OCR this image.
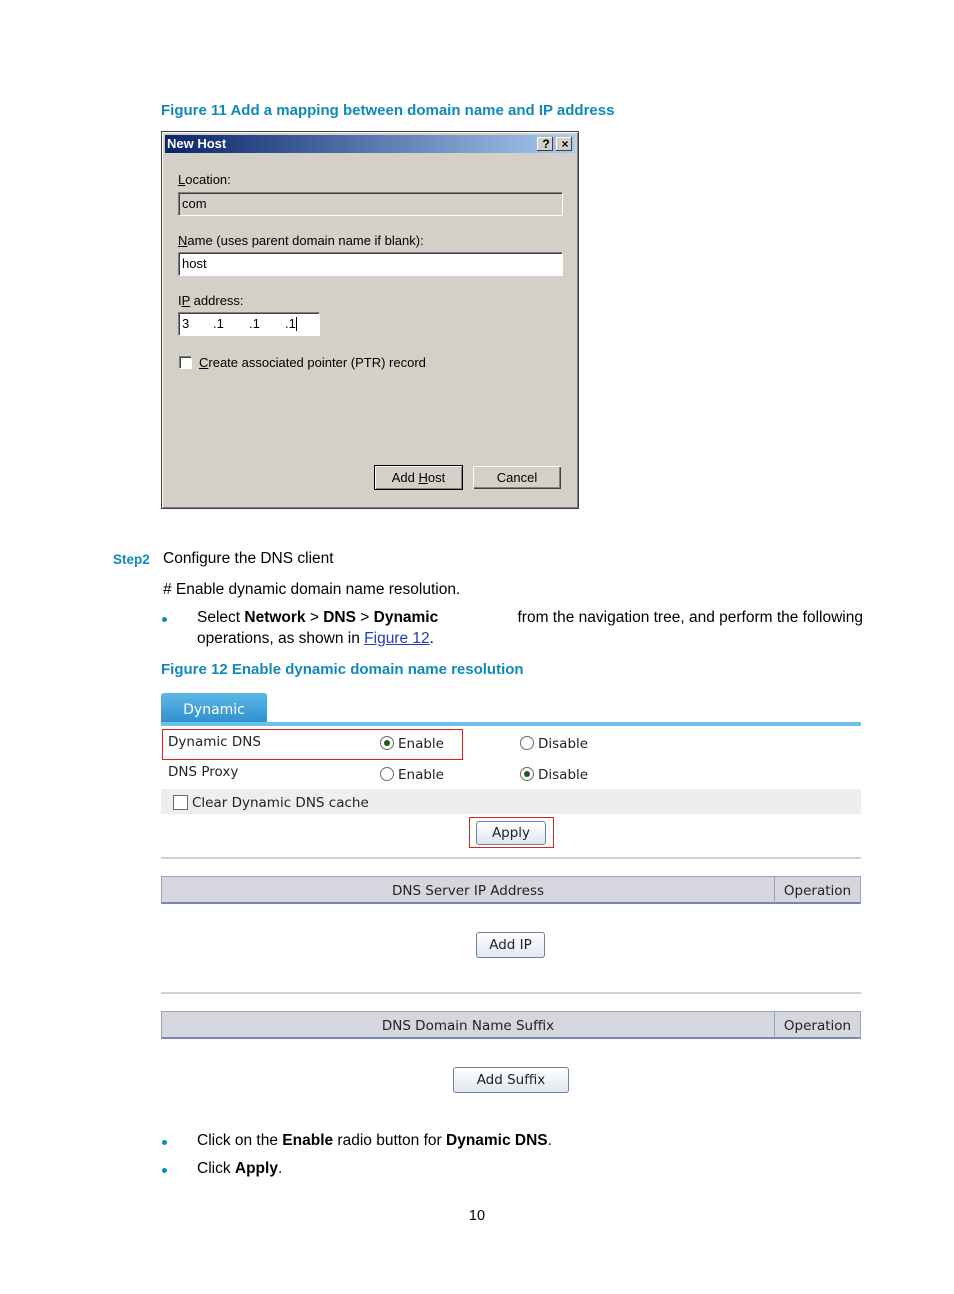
Figure 11 Add a mapping between domain name and IP address
New Host	? ×
Location:
com
Name (uses parent domain name if blank):
host
IP address:
3 .1 .1 .1
Create associated pointer (PTR) record
Add Host	Cancel
Step2 Configure the DNS client
# Enable dynamic domain name resolution.
Select Network > DNS > Dynamic	from the navigation tree, and perform the following
operations, as shown in Figure 12.
Figure 12 Enable dynamic domain name resolution
Dynamic
Dynamic DNS	Enable	Disable
DNS Proxy	Enable	Disable
Clear Dynamic DNS cache
Apply
DNS Server IP Address	Operation
Add IP
DNS Domain Name Suffix	Operation
Add Suffix
Click on the Enable radio button for Dynamic DNS.
Click Apply.
10
